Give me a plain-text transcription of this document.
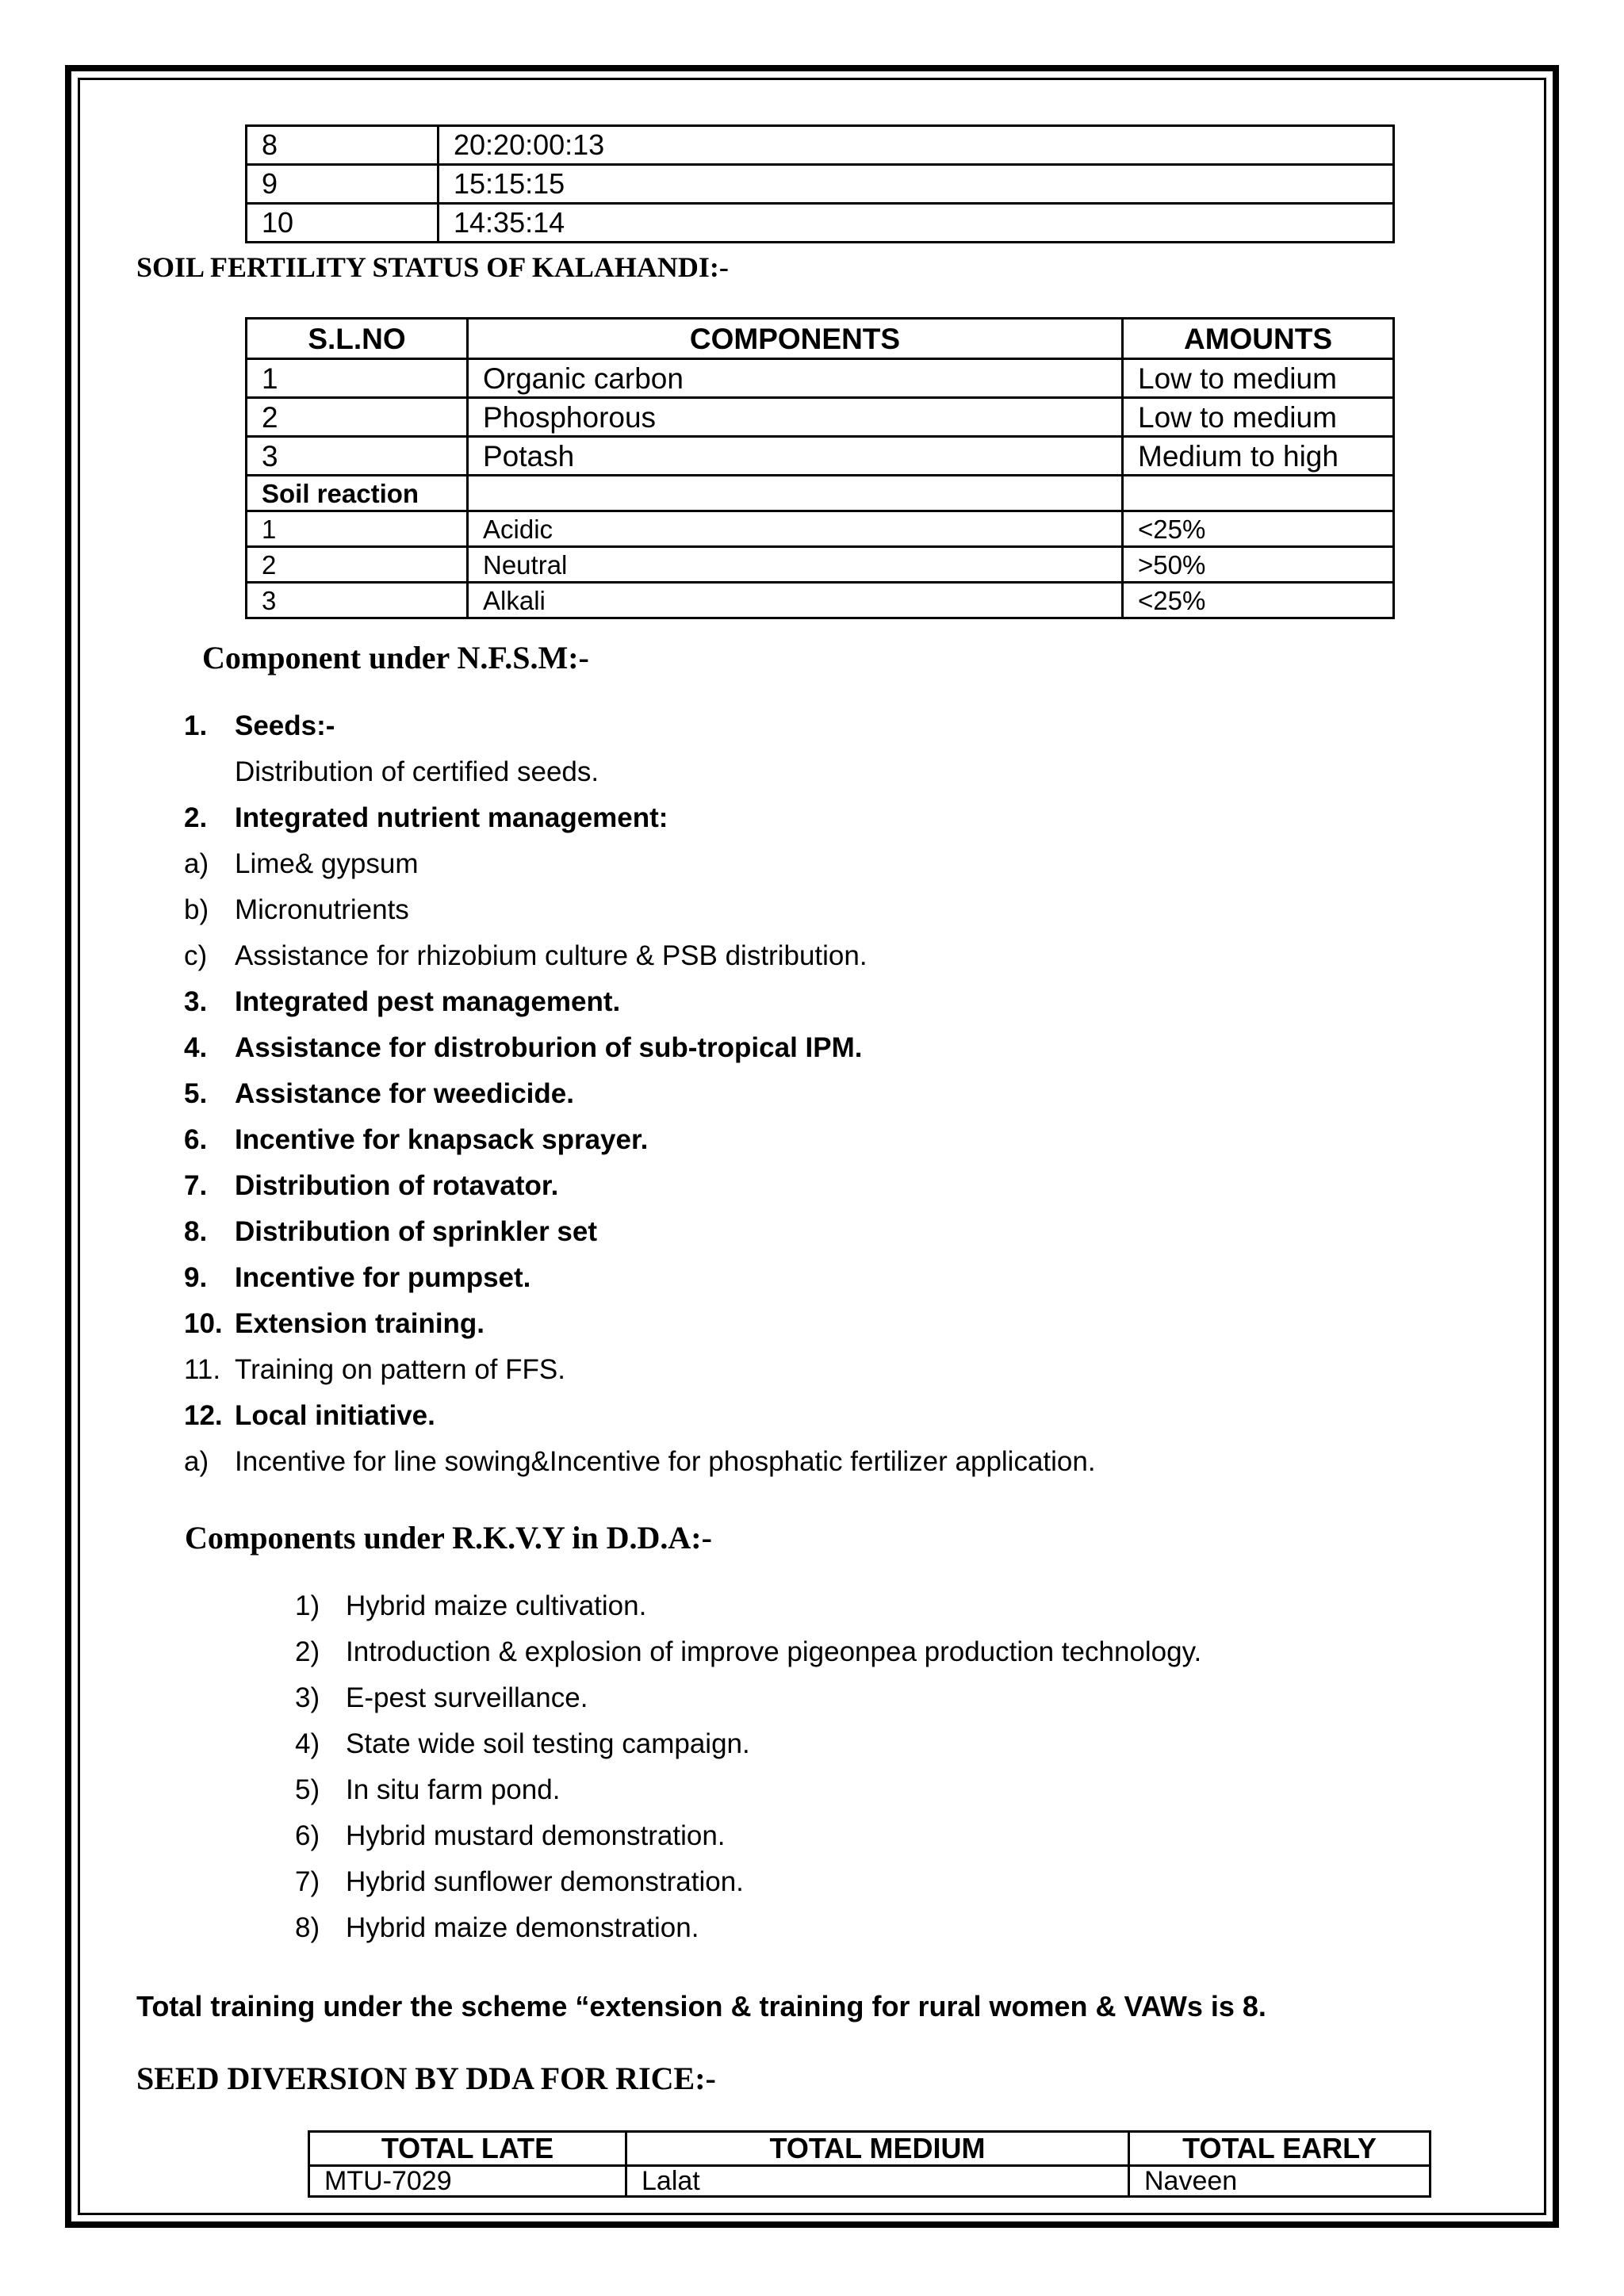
8	20:20:00:13
9	15:15:15
10	14:35:14
SOIL FERTILITY STATUS OF KALAHANDI:-
S.L.NO	COMPONENTS	AMOUNTS
1	Organic carbon	Low to medium
2	Phosphorous	Low to medium
3	Potash	Medium to high
Soil reaction		
1	Acidic	<25%
2	Neutral	>50%
3	Alkali	<25%
Component under N.F.S.M:-
1. Seeds:-
Distribution of certified seeds.
2. Integrated nutrient management:
a) Lime& gypsum
b) Micronutrients
c) Assistance for rhizobium culture & PSB distribution.
3. Integrated pest management.
4. Assistance for distroburion of sub-tropical IPM.
5. Assistance for weedicide.
6. Incentive for knapsack sprayer.
7. Distribution of rotavator.
8. Distribution of sprinkler set
9. Incentive for pumpset.
10. Extension training.
11. Training on pattern of FFS.
12. Local initiative.
a) Incentive for line sowing&Incentive for phosphatic fertilizer application.
Components under R.K.V.Y in D.D.A:-
1) Hybrid maize cultivation.
2) Introduction & explosion of improve pigeonpea production technology.
3) E-pest surveillance.
4) State wide soil testing campaign.
5) In situ farm pond.
6) Hybrid mustard demonstration.
7) Hybrid sunflower demonstration.
8) Hybrid maize demonstration.
Total training under the scheme “extension & training for rural women & VAWs is 8.
SEED DIVERSION BY DDA FOR RICE:-
TOTAL LATE	TOTAL MEDIUM	TOTAL EARLY
MTU-7029	Lalat	Naveen
